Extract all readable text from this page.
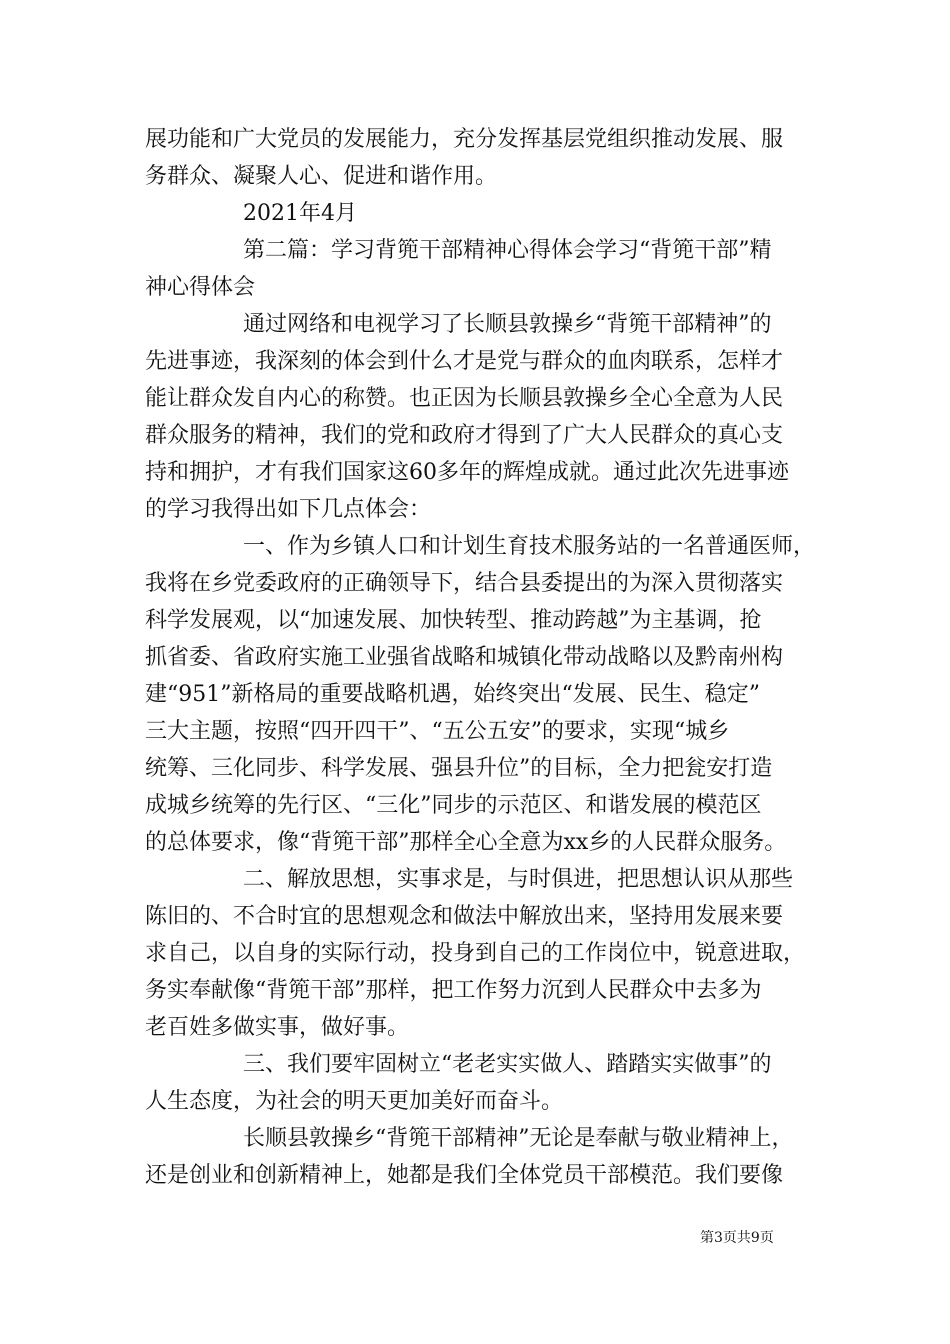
展功能和广大党员的发展能力，充分发挥基层党组织推动发展、服
务群众、凝聚人心、促进和谐作用。
2021年4月
第二篇：学习背篼干部精神心得体会学习“背篼干部”精
神心得体会
通过网络和电视学习了长顺县敦操乡“背篼干部精神”的
先进事迹，我深刻的体会到什么才是党与群众的血肉联系，怎样才
能让群众发自内心的称赞。也正因为长顺县敦操乡全心全意为人民
群众服务的精神，我们的党和政府才得到了广大人民群众的真心支
持和拥护，才有我们国家这60多年的辉煌成就。通过此次先进事迹
的学习我得出如下几点体会：
一、作为乡镇人口和计划生育技术服务站的一名普通医师，
我将在乡党委政府的正确领导下，结合县委提出的为深入贯彻落实
科学发展观，以“加速发展、加快转型、推动跨越”为主基调，抢
抓省委、省政府实施工业强省战略和城镇化带动战略以及黔南州构
建“951”新格局的重要战略机遇，始终突出“发展、民生、稳定”
三大主题，按照“四开四干”、“五公五安”的要求，实现“城乡
统筹、三化同步、科学发展、强县升位”的目标，全力把瓮安打造
成城乡统筹的先行区、“三化”同步的示范区、和谐发展的模范区
的总体要求，像“背篼干部”那样全心全意为xx乡的人民群众服务。
二、解放思想，实事求是，与时俱进，把思想认识从那些
陈旧的、不合时宜的思想观念和做法中解放出来，坚持用发展来要
求自己，以自身的实际行动，投身到自己的工作岗位中，锐意进取，
务实奉献像“背篼干部”那样，把工作努力沉到人民群众中去多为
老百姓多做实事，做好事。
三、我们要牢固树立“老老实实做人、踏踏实实做事”的
人生态度，为社会的明天更加美好而奋斗。
长顺县敦操乡“背篼干部精神”无论是奉献与敬业精神上，
还是创业和创新精神上，她都是我们全体党员干部模范。我们要像
第3页共9页
